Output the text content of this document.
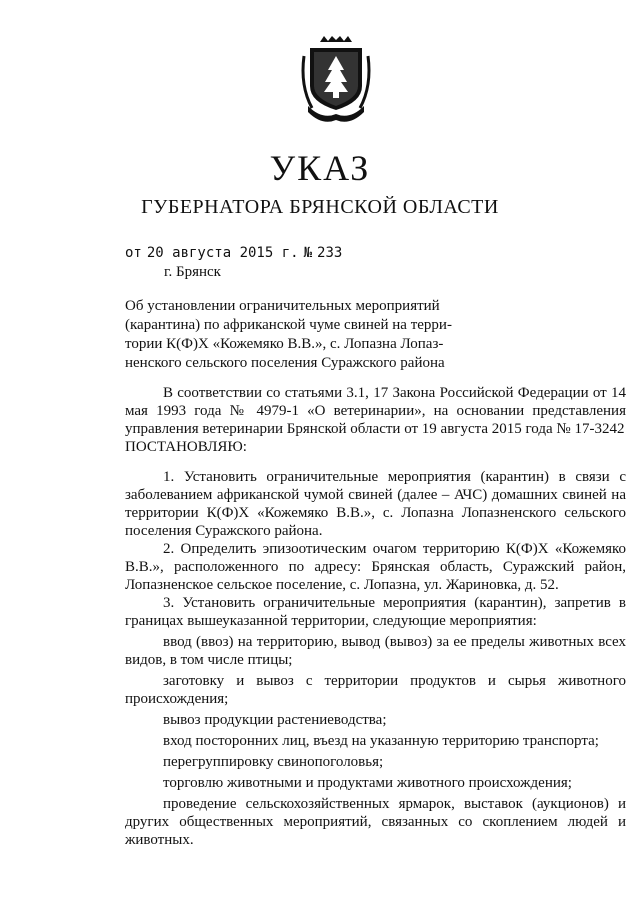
УКАЗ
ГУБЕРНАТОРА БРЯНСКОЙ ОБЛАСТИ
от 20 августа 2015 г. № 233
г. Брянск
Об установлении ограничительных мероприятий
(карантина) по африканской чуме свиней на терри-
тории К(Ф)Х «Кожемяко В.В.», с. Лопазна Лопаз-
ненского сельского поселения Суражского района

В соответствии со статьями 3.1, 17 Закона Российской Федерации от 14 мая 1993 года № 4979-1 «О ветеринарии», на основании представления управления ветеринарии Брянской области от 19 августа 2015 года № 17-3242

ПОСТАНОВЛЯЮ:

1. Установить ограничительные мероприятия (карантин) в связи с заболеванием африканской чумой свиней (далее – АЧС) домашних свиней на территории К(Ф)Х «Кожемяко В.В.», с. Лопазна Лопазненского сельского поселения Суражского района.

2. Определить эпизоотическим очагом территорию К(Ф)Х «Кожемяко В.В.», расположенного по адресу: Брянская область, Суражский район, Лопазненское сельское поселение, с. Лопазна, ул. Жариновка, д. 52.

3. Установить ограничительные мероприятия (карантин), запретив в границах вышеуказанной территории, следующие мероприятия:

ввод (ввоз) на территорию, вывод (вывоз) за ее пределы животных всех видов, в том числе птицы;

заготовку и вывоз с территории продуктов и сырья животного происхождения;

вывоз продукции растениеводства;

вход посторонних лиц, въезд на указанную территорию транспорта;

перегруппировку свинопоголовья;

торговлю животными и продуктами животного происхождения;

проведение сельскохозяйственных ярмарок, выставок (аукционов) и других общественных мероприятий, связанных со скоплением людей и животных.
